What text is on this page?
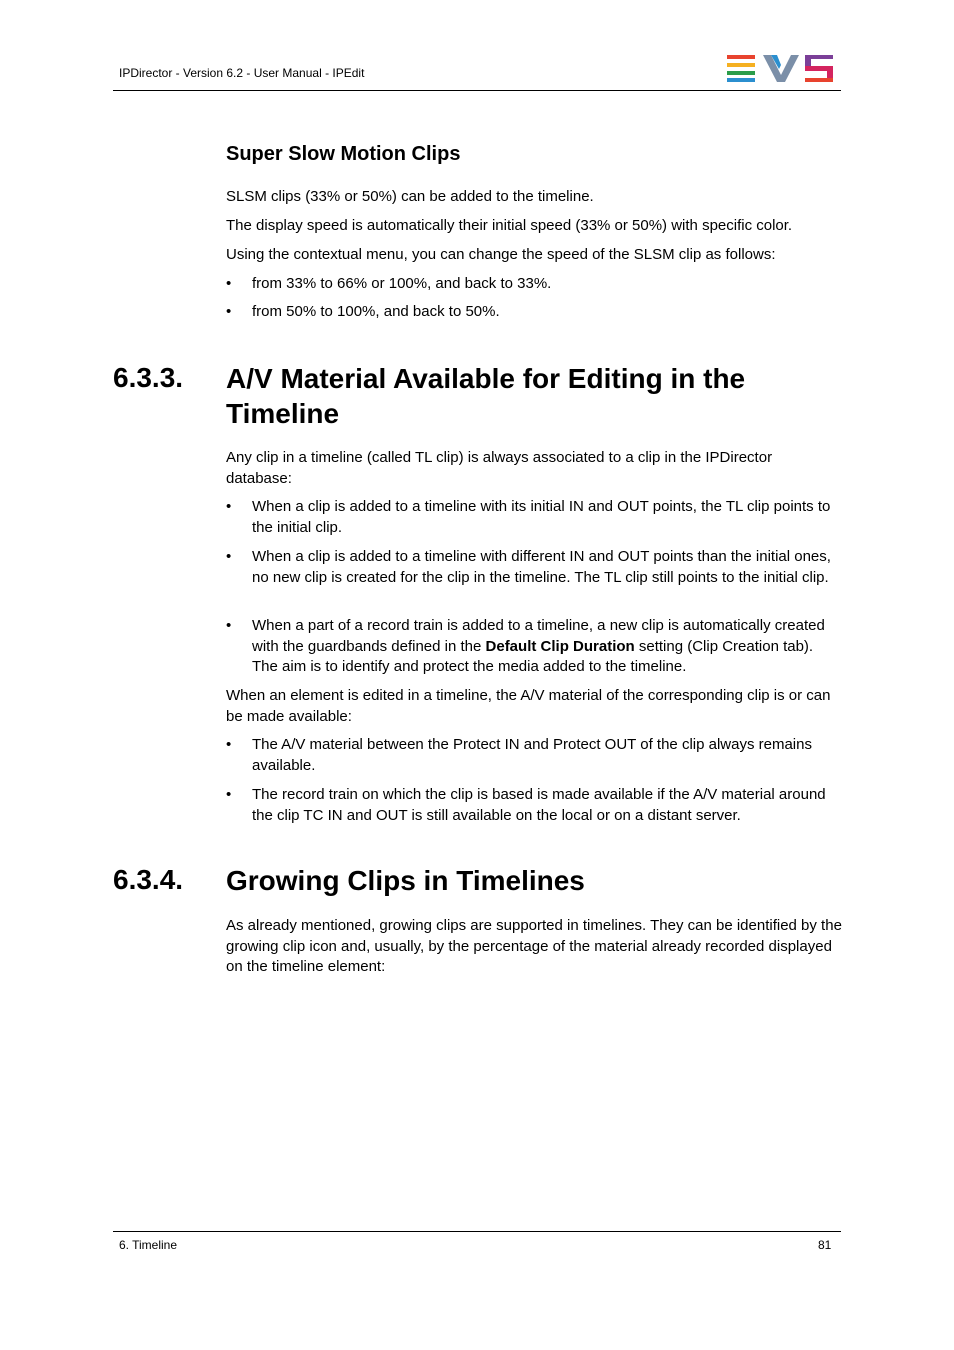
IPDirector - Version 6.2 - User Manual - IPEdit
Super Slow Motion Clips

SLSM clips (33% or 50%) can be added to the timeline.

The display speed is automatically their initial speed (33% or 50%) with specific color.

Using the contextual menu, you can change the speed of the SLSM clip as follows:

• from 33% to 66% or 100%, and back to 33%.
• from 50% to 100%, and back to 50%.
6.3.3. A/V Material Available for Editing in the Timeline

Any clip in a timeline (called TL clip) is always associated to a clip in the IPDirector database:

• When a clip is added to a timeline with its initial IN and OUT points, the TL clip points to the initial clip.
• When a clip is added to a timeline with different IN and OUT points than the initial ones, no new clip is created for the clip in the timeline. The TL clip still points to the initial clip.
• When a part of a record train is added to a timeline, a new clip is automatically created with the guardbands defined in the Default Clip Duration setting (Clip Creation tab). The aim is to identify and protect the media added to the timeline.

When an element is edited in a timeline, the A/V material of the corresponding clip is or can be made available:

• The A/V material between the Protect IN and Protect OUT of the clip always remains available.
• The record train on which the clip is based is made available if the A/V material around the clip TC IN and OUT is still available on the local or on a distant server.
6.3.4. Growing Clips in Timelines

As already mentioned, growing clips are supported in timelines. They can be identified by the growing clip icon and, usually, by the percentage of the material already recorded displayed on the timeline element:

6. Timeline	81
